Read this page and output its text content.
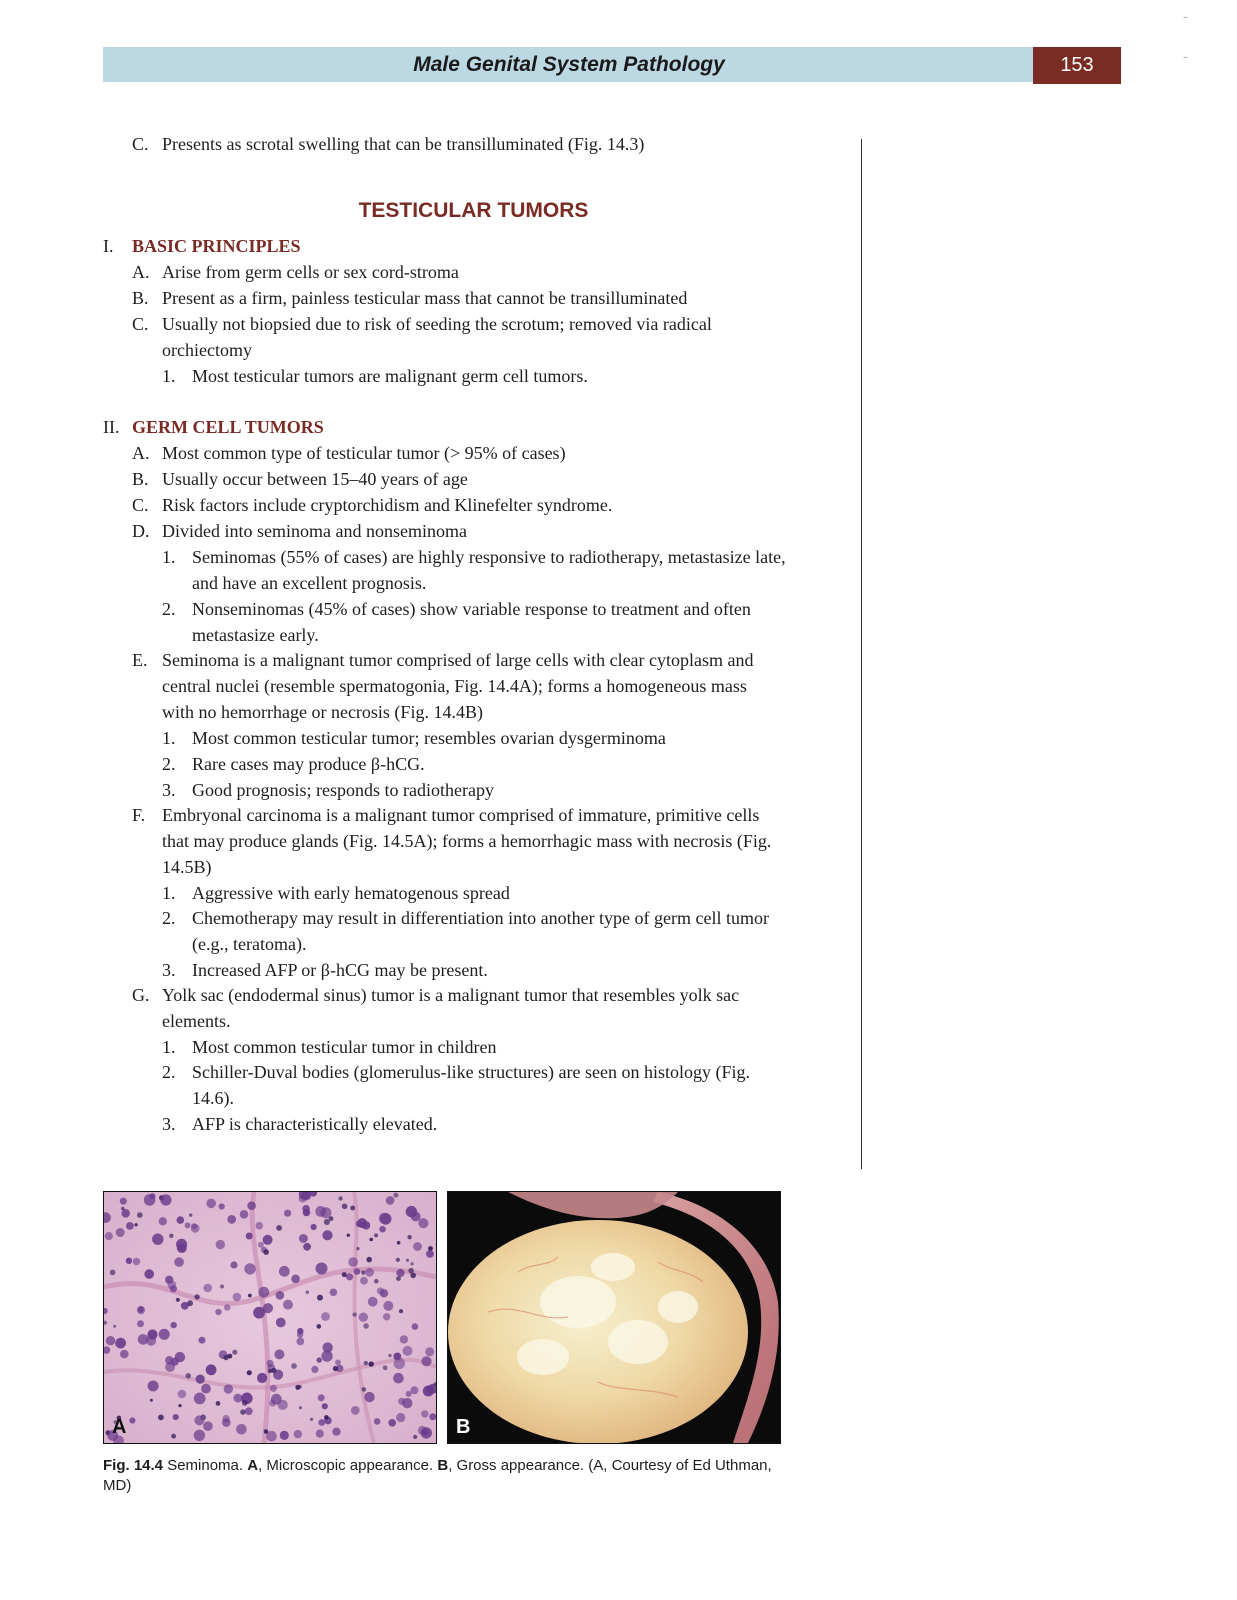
Male Genital System Pathology	153
–
–
C. Presents as scrotal swelling that can be transilluminated (Fig. 14.3)
TESTICULAR TUMORS
I. BASIC PRINCIPLES
A. Arise from germ cells or sex cord-stroma
B. Present as a firm, painless testicular mass that cannot be transilluminated
C. Usually not biopsied due to risk of seeding the scrotum; removed via radical
orchiectomy
1. Most testicular tumors are malignant germ cell tumors.
II. GERM CELL TUMORS
A. Most common type of testicular tumor (> 95% of cases)
B. Usually occur between 15–40 years of age
C. Risk factors include cryptorchidism and Klinefelter syndrome.
D. Divided into seminoma and nonseminoma
1. Seminomas (55% of cases) are highly responsive to radiotherapy, metastasize late,
and have an excellent prognosis.
2. Nonseminomas (45% of cases) show variable response to treatment and often
metastasize early.
E. Seminoma is a malignant tumor comprised of large cells with clear cytoplasm and
central nuclei (resemble spermatogonia, Fig. 14.4A); forms a homogeneous mass
with no hemorrhage or necrosis (Fig. 14.4B)
1. Most common testicular tumor; resembles ovarian dysgerminoma
2. Rare cases may produce β-hCG.
3. Good prognosis; responds to radiotherapy
F. Embryonal carcinoma is a malignant tumor comprised of immature, primitive cells
that may produce glands (Fig. 14.5A); forms a hemorrhagic mass with necrosis (Fig.
14.5B)
1. Aggressive with early hematogenous spread
2. Chemotherapy may result in differentiation into another type of germ cell tumor
(e.g., teratoma).
3. Increased AFP or β-hCG may be present.
G. Yolk sac (endodermal sinus) tumor is a malignant tumor that resembles yolk sac
elements.
1. Most common testicular tumor in children
2. Schiller-Duval bodies (glomerulus-like structures) are seen on histology (Fig.
14.6).
3. AFP is characteristically elevated.
A	B
Fig. 14.4 Seminoma. A, Microscopic appearance. B, Gross appearance. (A, Courtesy of Ed Uthman,
MD)
